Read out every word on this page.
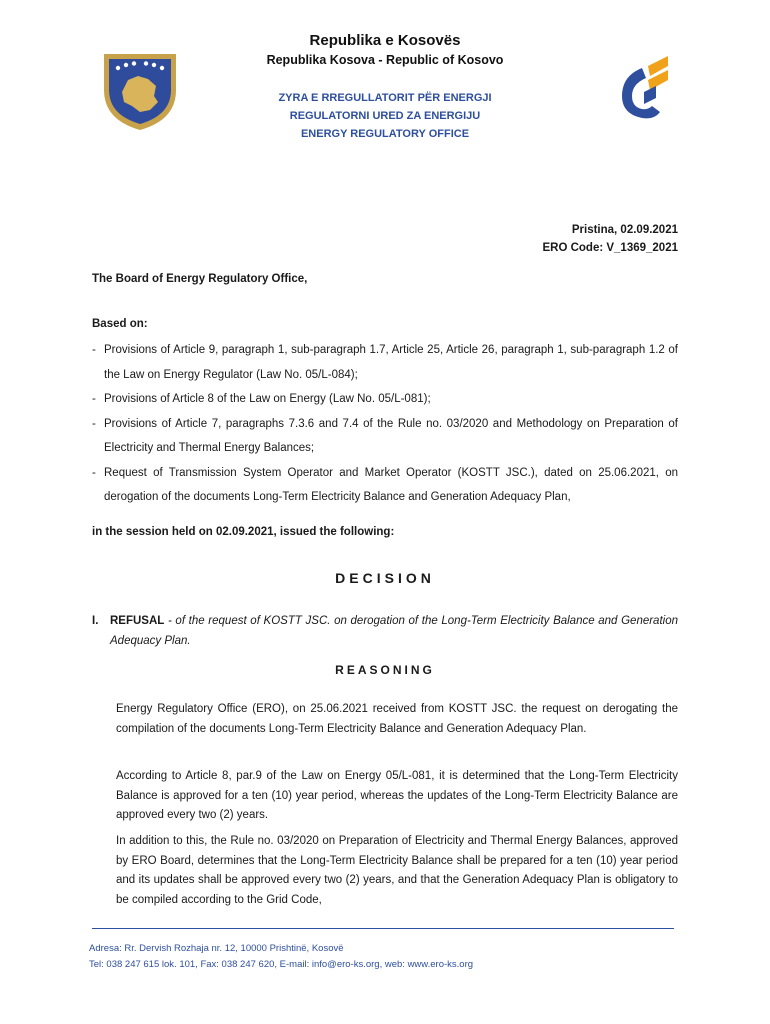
Republika e Kosovës
Republika Kosova - Republic of Kosovo
ZYRA E RREGULLATORIT PËR ENERGJI
REGULATORNI URED ZA ENERGIJU
ENERGY REGULATORY OFFICE
Pristina, 02.09.2021
ERO Code: V_1369_2021
The Board of Energy Regulatory Office,
Based on:
- Provisions of Article 9, paragraph 1, sub-paragraph 1.7, Article 25, Article 26, paragraph 1, sub-paragraph 1.2 of the Law on Energy Regulator (Law No. 05/L-084);
- Provisions of Article 8 of the Law on Energy (Law No. 05/L-081);
- Provisions of Article 7, paragraphs 7.3.6 and 7.4 of the Rule no. 03/2020 and Methodology on Preparation of Electricity and Thermal Energy Balances;
- Request of Transmission System Operator and Market Operator (KOSTT JSC.), dated on 25.06.2021, on derogation of the documents Long-Term Electricity Balance and Generation Adequacy Plan,
in the session held on 02.09.2021, issued the following:
DECISION
I. REFUSAL - of the request of KOSTT JSC. on derogation of the Long-Term Electricity Balance and Generation Adequacy Plan.
REASONING

Energy Regulatory Office (ERO), on 25.06.2021 received from KOSTT JSC. the request on derogating the compilation of the documents Long-Term Electricity Balance and Generation Adequacy Plan.

According to Article 8, par.9 of the Law on Energy 05/L-081, it is determined that the Long-Term Electricity Balance is approved for a ten (10) year period, whereas the updates of the Long-Term Electricity Balance are approved every two (2) years.

In addition to this, the Rule no. 03/2020 on Preparation of Electricity and Thermal Energy Balances, approved by ERO Board, determines that the Long-Term Electricity Balance shall be prepared for a ten (10) year period and its updates shall be approved every two (2) years, and that the Generation Adequacy Plan is obligatory to be compiled according to the Grid Code,

Adresa: Rr. Dervish Rozhaja nr. 12, 10000 Prishtinë, Kosovë
Tel: 038 247 615 lok. 101, Fax: 038 247 620, E-mail: info@ero-ks.org, web: www.ero-ks.org
